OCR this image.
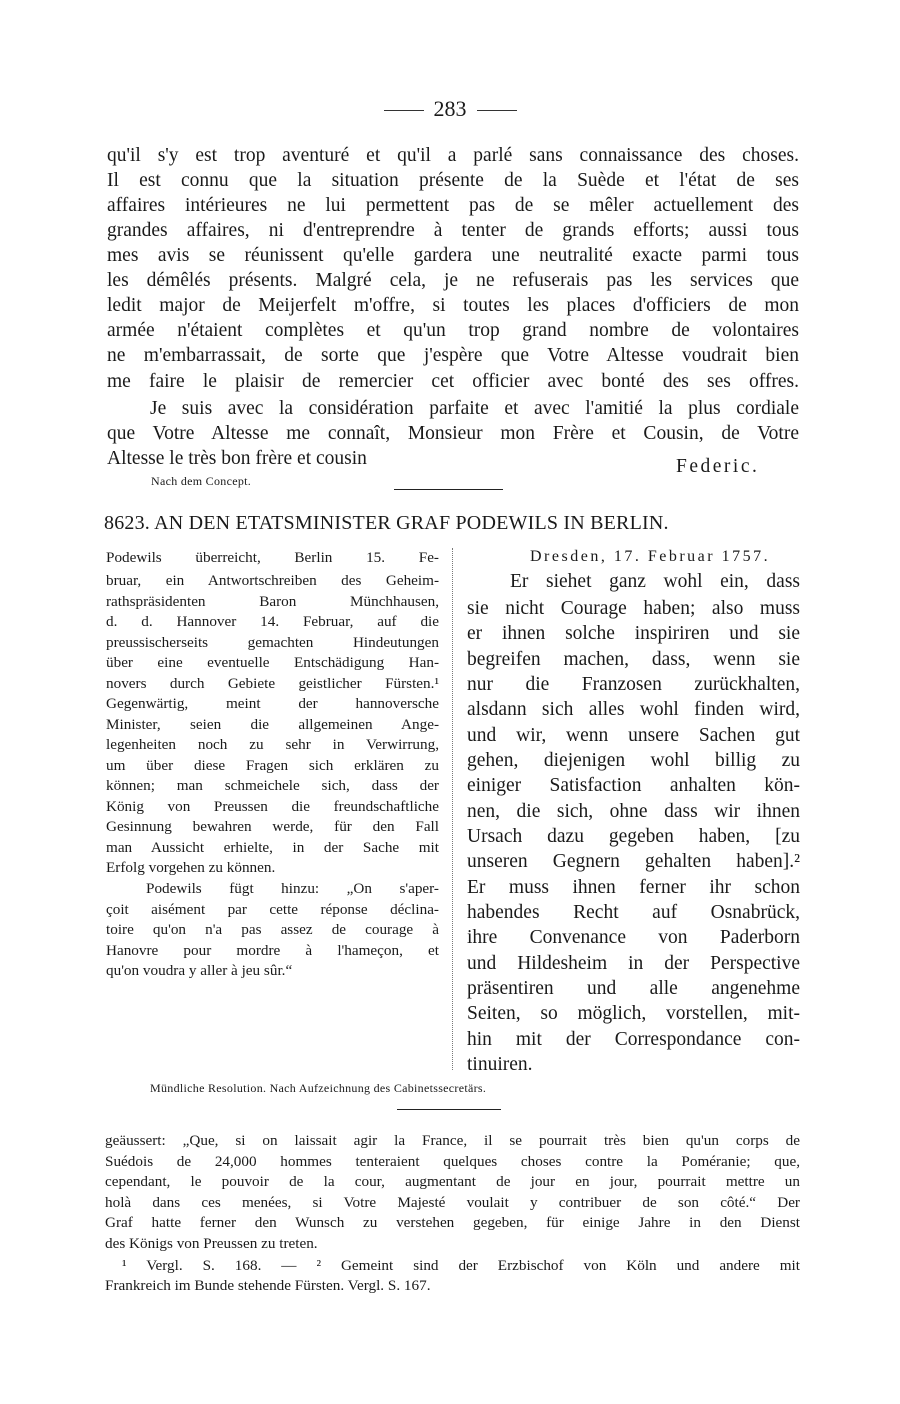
283
qu'il s'y est trop aventuré et qu'il a parlé sans connaissance des choses.
Il est connu que la situation présente de la Suède et l'état de ses
affaires intérieures ne lui permettent pas de se mêler actuellement des
grandes affaires, ni d'entreprendre à tenter de grands efforts; aussi tous
mes avis se réunissent qu'elle gardera une neutralité exacte parmi tous
les démêlés présents. Malgré cela, je ne refuserais pas les services que
ledit major de Meijerfelt m'offre, si toutes les places d'officiers de mon
armée n'étaient complètes et qu'un trop grand nombre de volontaires
ne m'embarrassait, de sorte que j'espère que Votre Altesse voudrait bien
me faire le plaisir de remercier cet officier avec bonté des ses offres.
Je suis avec la considération parfaite et avec l'amitié la plus cordiale
que Votre Altesse me connaît, Monsieur mon Frère et Cousin, de Votre
Altesse le très bon frère et cousin	Federic.
Nach dem Concept.
8623. AN DEN ETATSMINISTER GRAF PODEWILS IN BERLIN.
Podewils überreicht, Berlin 15. Fe-
bruar, ein Antwortschreiben des Geheim-
rathspräsidenten Baron Münchhausen,
d. d. Hannover 14. Februar, auf die
preussischerseits gemachten Hindeutungen
über eine eventuelle Entschädigung Han-
novers durch Gebiete geistlicher Fürsten.¹
Gegenwärtig, meint der hannoversche
Minister, seien die allgemeinen Ange-
legenheiten noch zu sehr in Verwirrung,
um über diese Fragen sich erklären zu
können; man schmeichele sich, dass der
König von Preussen die freundschaftliche
Gesinnung bewahren werde, für den Fall
man Aussicht erhielte, in der Sache mit
Erfolg vorgehen zu können.
Podewils fügt hinzu: „On s'aper-
çoit aisément par cette réponse déclina-
toire qu'on n'a pas assez de courage à
Hanovre pour mordre à l'hameçon, et
qu'on voudra y aller à jeu sûr.“
Dresden, 17. Februar 1757.
Er siehet ganz wohl ein, dass
sie nicht Courage haben; also muss
er ihnen solche inspiriren und sie
begreifen machen, dass, wenn sie
nur die Franzosen zurückhalten,
alsdann sich alles wohl finden wird,
und wir, wenn unsere Sachen gut
gehen, diejenigen wohl billig zu
einiger Satisfaction anhalten kön-
nen, die sich, ohne dass wir ihnen
Ursach dazu gegeben haben, [zu
unseren Gegnern gehalten haben].²
Er muss ihnen ferner ihr schon
habendes Recht auf Osnabrück,
ihre Convenance von Paderborn
und Hildesheim in der Perspective
präsentiren und alle angenehme
Seiten, so möglich, vorstellen, mit-
hin mit der Correspondance con-
tinuiren.
Mündliche Resolution. Nach Aufzeichnung des Cabinetssecretärs.
geäussert: „Que, si on laissait agir la France, il se pourrait très bien qu'un corps de
Suédois de 24,000 hommes tenteraient quelques choses contre la Poméranie; que,
cependant, le pouvoir de la cour, augmentant de jour en jour, pourrait mettre un
holà dans ces menées, si Votre Majesté voulait y contribuer de son côté.“ Der
Graf hatte ferner den Wunsch zu verstehen gegeben, für einige Jahre in den Dienst
des Königs von Preussen zu treten.
¹ Vergl. S. 168. — ² Gemeint sind der Erzbischof von Köln und andere mit
Frankreich im Bunde stehende Fürsten. Vergl. S. 167.
